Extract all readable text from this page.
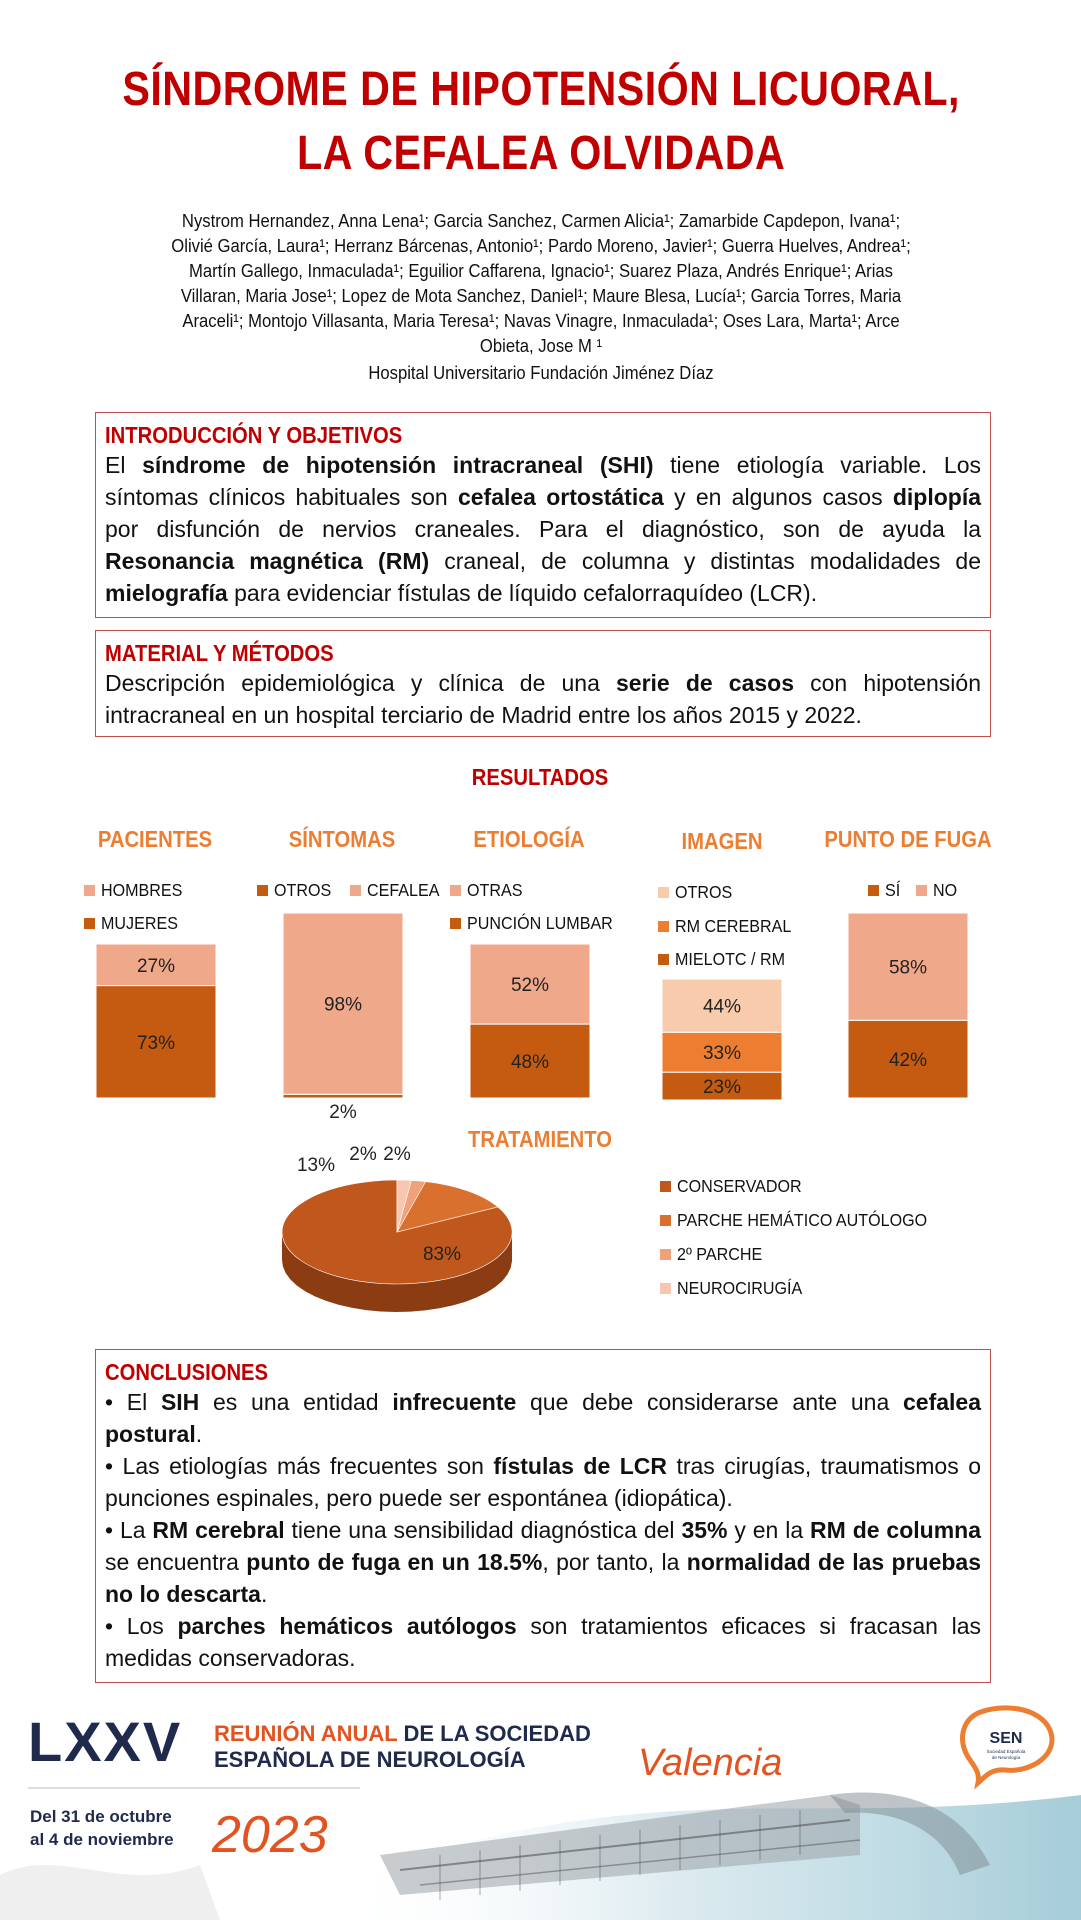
SÍNDROME DE HIPOTENSIÓN LICUORAL,
LA CEFALEA OLVIDADA
Nystrom Hernandez, Anna Lena¹; Garcia Sanchez, Carmen Alicia¹; Zamarbide Capdepon, Ivana¹; Olivié García, Laura¹; Herranz Bárcenas, Antonio¹; Pardo Moreno, Javier¹; Guerra Huelves, Andrea¹; Martín Gallego, Inmaculada¹; Eguilior Caffarena, Ignacio¹; Suarez Plaza, Andrés Enrique¹; Arias Villaran, Maria Jose¹; Lopez de Mota Sanchez, Daniel¹; Maure Blesa, Lucía¹; Garcia Torres, Maria Araceli¹; Montojo Villasanta, Maria Teresa¹; Navas Vinagre, Inmaculada¹; Oses Lara, Marta¹; Arce Obieta, Jose M ¹
Hospital Universitario Fundación Jiménez Díaz
INTRODUCCIÓN Y OBJETIVOS

El síndrome de hipotensión intracraneal (SHI) tiene etiología variable. Los síntomas clínicos habituales son cefalea ortostática y en algunos casos diplopía por disfunción de nervios craneales. Para el diagnóstico, son de ayuda la Resonancia magnética (RM) craneal, de columna y distintas modalidades de mielografía para evidenciar fístulas de líquido cefalorraquídeo (LCR).

MATERIAL Y MÉTODOS

Descripción epidemiológica y clínica de una serie de casos con hipotensión intracraneal en un hospital terciario de Madrid entre los años 2015 y 2022.

RESULTADOS
73%
27%
2%
98%
48%
52%
23%
33%
44%
42%
58%
83%
13%
2% 2%
HOMBRES
MUJERES
OTROS CEFALEA OTRAS
PUNCIÓN LUMBAR
OTROS
RM CEREBRAL
MIELOTC / RM
SÍ NO
CONSERVADOR
PARCHE HEMÁTICO AUTÓLOGO
2º PARCHE
NEUROCIRUGÍA
PACIENTES	SÍNTOMAS	ETIOLOGÍA	IMAGEN	PUNTO DE FUGA
TRATAMIENTO
CONCLUSIONES

• El SIH es una entidad infrecuente que debe considerarse ante una cefalea postural.

• Las etiologías más frecuentes son fístulas de LCR tras cirugías, traumatismos o punciones espinales, pero puede ser espontánea (idiopática).

• La RM cerebral tiene una sensibilidad diagnóstica del 35% y en la RM de columna se encuentra punto de fuga en un 18.5%, por tanto, la normalidad de las pruebas no lo descarta.

• Los parches hemáticos autólogos son tratamientos eficaces si fracasan las medidas conservadoras.

LXXV REUNIÓN ANUAL DE LA SOCIEDAD
ESPAÑOLA DE NEUROLOGÍA
Del 31 de octubre
al 4 de noviembre 2023
Valencia
SEN
Sociedad Española
de Neurología
